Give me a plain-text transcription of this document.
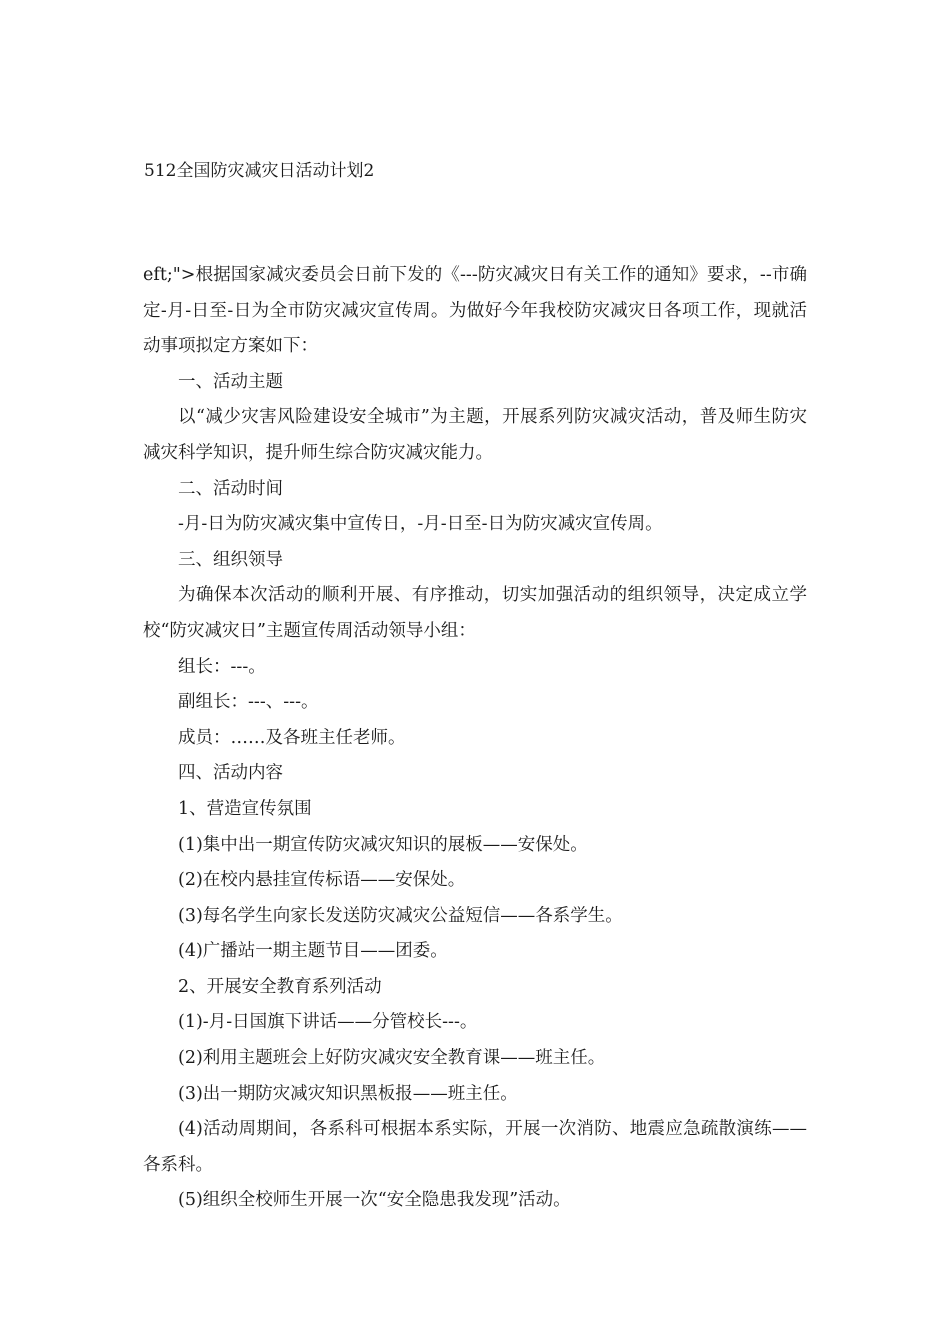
512全国防灾减灾日活动计划2

eft;">根据国家减灾委员会日前下发的《---防灾减灾日有关工作的通知》要求，--市确定-月-日至-日为全市防灾减灾宣传周。为做好今年我校防灾减灾日各项工作，现就活动事项拟定方案如下：

一、活动主题

以“减少灾害风险建设安全城市”为主题，开展系列防灾减灾活动，普及师生防灾减灾科学知识，提升师生综合防灾减灾能力。

二、活动时间

-月-日为防灾减灾集中宣传日，-月-日至-日为防灾减灾宣传周。

三、组织领导

为确保本次活动的顺利开展、有序推动，切实加强活动的组织领导，决定成立学校“防灾减灾日”主题宣传周活动领导小组：

组长：---。

副组长：---、---。

成员：……及各班主任老师。

四、活动内容

1、营造宣传氛围

(1)集中出一期宣传防灾减灾知识的展板——安保处。

(2)在校内悬挂宣传标语——安保处。

(3)每名学生向家长发送防灾减灾公益短信——各系学生。

(4)广播站一期主题节目——团委。

2、开展安全教育系列活动

(1)-月-日国旗下讲话——分管校长---。

(2)利用主题班会上好防灾减灾安全教育课——班主任。

(3)出一期防灾减灾知识黑板报——班主任。

(4)活动周期间，各系科可根据本系实际，开展一次消防、地震应急疏散演练——各系科。

(5)组织全校师生开展一次“安全隐患我发现”活动。
